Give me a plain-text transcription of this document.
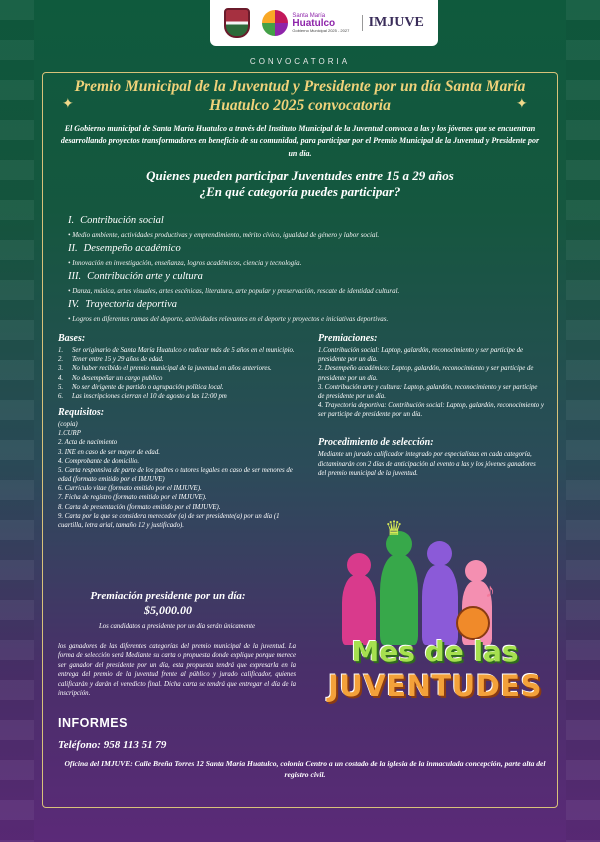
Santa María
Huatulco
Gobierno Municipal 2025 - 2027
IMJUVE
CONVOCATORIA
✦	✦
Premio Municipal de la Juventud y Presidente por un día Santa María Huatulco 2025 convocatoria
El Gobierno municipal de Santa María Huatulco a través del Instituto Municipal de la Juventud convoca a las y los jóvenes que se encuentran desarrollando proyectos transformadores en beneficio de su comunidad, para participar por el Premio Municipal de la Juventud y Presidente por un día.
Quienes pueden participar Juventudes entre 15 a 29 años
¿En qué categoría puedes participar?
I. Contribución social
• Medio ambiente, actividades productivas y emprendimiento, mérito cívico, igualdad de género y labor social.
II. Desempeño académico
• Innovación en investigación, enseñanza, logros académicos, ciencia y tecnología.
III. Contribución arte y cultura
• Danza, música, artes visuales, artes escénicas, literatura, arte popular y preservación, rescate de identidad cultural.
IV. Trayectoria deportiva
• Logros en diferentes ramas del deporte, actividades relevantes en el deporte y proyectos e iniciativas deportivas.
Bases:
1.	Ser originario de Santa María Huatulco o radicar más de 5 años en el municipio.
2.	Tener entre 15 y 29 años de edad.
3.	No haber recibido el premio municipal de la juventud en años anteriores.
4.	No desempeñar un cargo publico
5.	No ser dirigente de partido o agrupación política local.
6.	Las inscripciones cierran el 10 de agosto a las 12:00 pm
Requisitos:
(copia)
1.CURP
2. Acta de nacimiento
3. INE en caso de ser mayor de edad.
4. Comprobante de domicilio.
5. Carta responsiva de parte de los padres o tutores legales en caso de ser menores de edad (formato emitido por el IMJUVE)
6. Currículo vitae (formato emitido por el IMJUVE).
7. Ficha de registro (formato emitido por el IMJUVE).
8. Carta de presentación (formato emitido por el IMJUVE).
9. Carta por la que se considera merecedor (a) de ser presidente(a) por un día (1 cuartilla, letra arial, tamaño 12 y justificado).
Premiaciones:
1.Contribución social: Laptop, galardón, reconocimiento y ser participe de presidente por un día.
2. Desempeño académico: Laptop, galardón, reconocimiento y ser participe de presidente por un día.
3. Contribución arte y cultura: Laptop, galardón, reconocimiento y ser participe de presidente por un día.
4. Trayectoria deportiva: Contribución social: Laptop, galardón, reconocimiento y ser participe de presidente por un día.
Procedimiento de selección:
Mediante un jurado calificador integrado por especialistas en cada categoría, dictaminarán con 2 días de anticipación al evento a las y los jóvenes ganadores del premio municipal de la juventud.
♛
♪
Mes de las
JUVENTUDES
Premiación presidente por un día:
$5,000.00
Los candidatos a presidente por un día serán únicamente
los ganadores de las diferentes categorías del premio municipal de la juventud. La forma de selección será Mediante su carta o propuesta donde explique porque merece ser ganador del presidente por un día, esta propuesta tendrá que expresarla en la entrega del premio de la juventud frente al público y jurado calificador, quienes calificarán y darán el veredicto final. Dicha carta se tendrá que entregar el día de la inscripción.
INFORMES
Teléfono: 958 113 51 79
Oficina del IMJUVE: Calle Breña Torres 12 Santa María Huatulco, colonia Centro a un costado de la iglesia de la inmaculada concepción, parte alta del registro civil.
